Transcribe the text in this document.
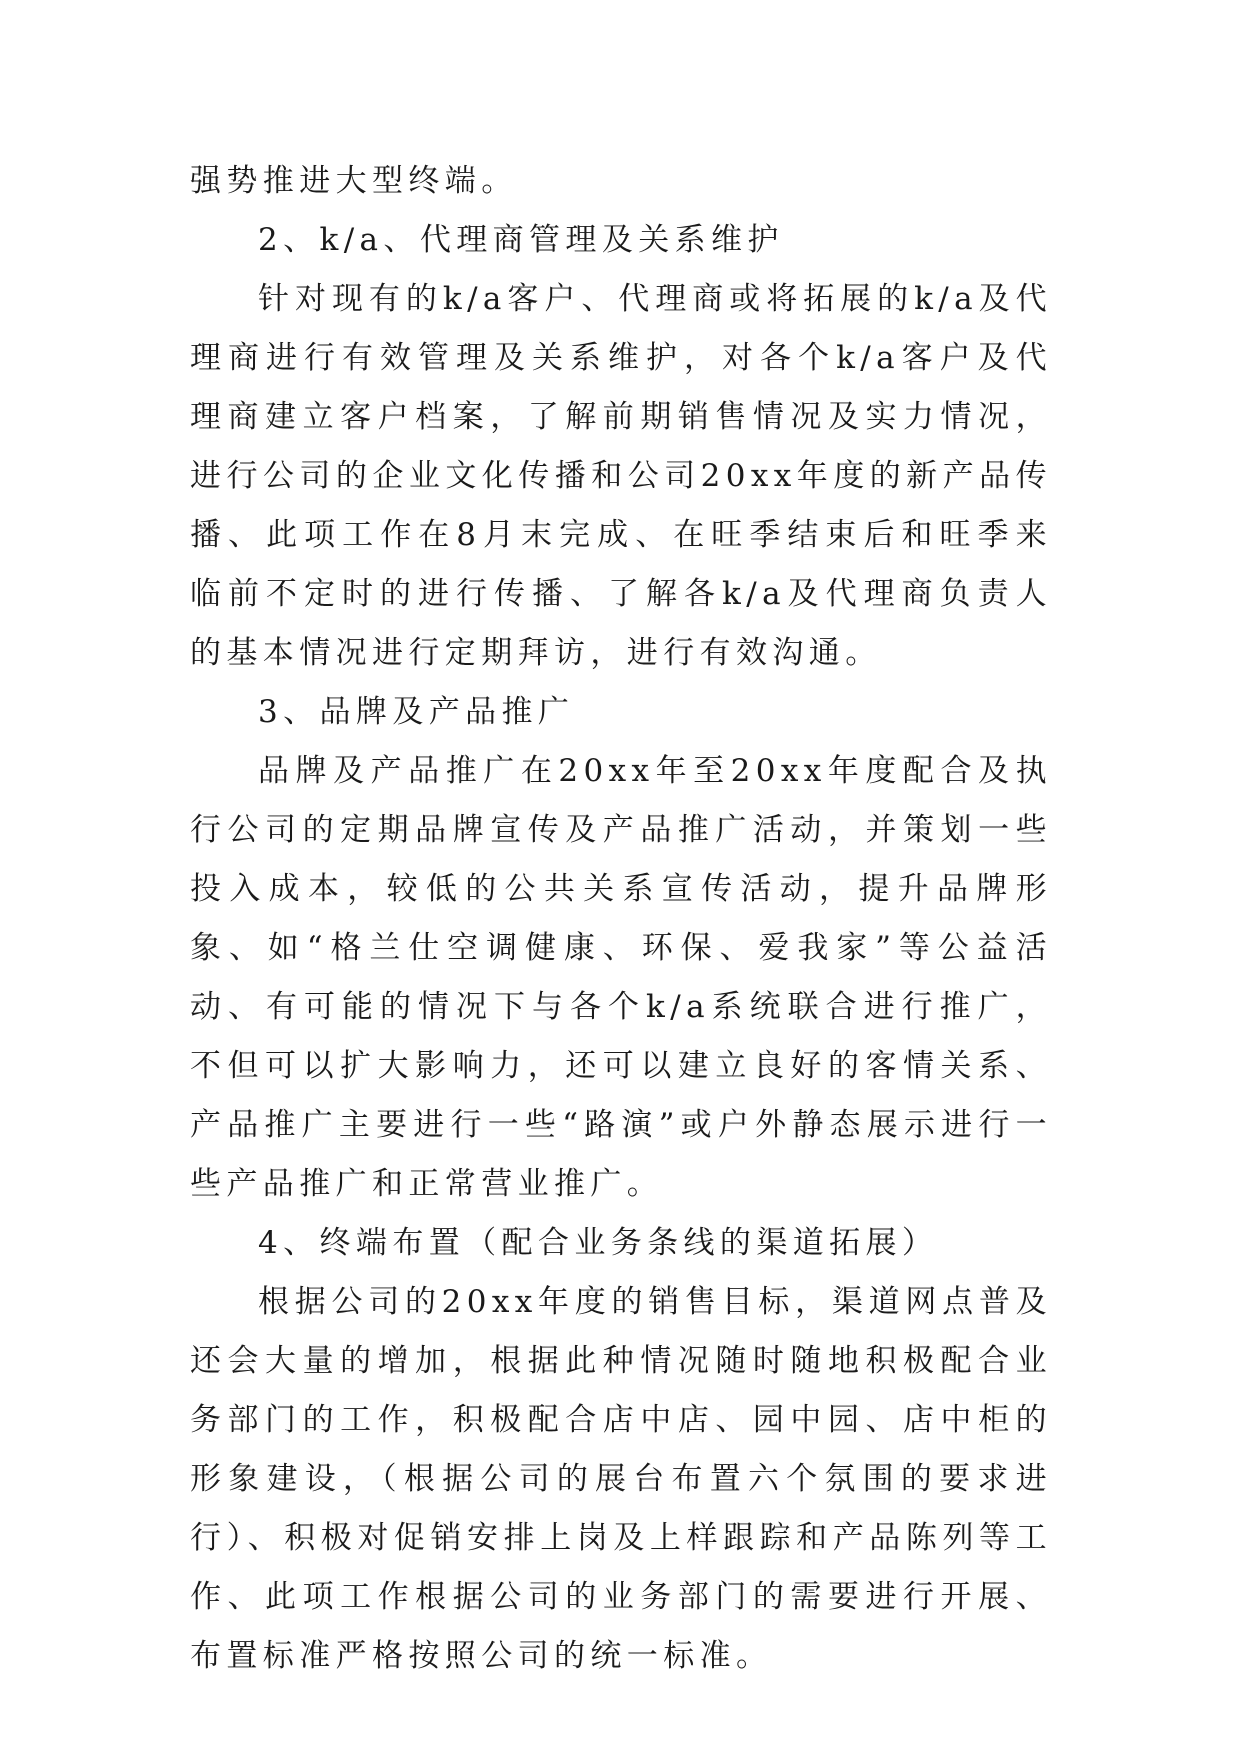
强势推进大型终端。

2、k/a、代理商管理及关系维护

针对现有的k/a客户、代理商或将拓展的k/a及代理商进行有效管理及关系维护，对各个k/a客户及代理商建立客户档案，了解前期销售情况及实力情况，进行公司的企业文化传播和公司20xx年度的新产品传播、此项工作在8月末完成、在旺季结束后和旺季来临前不定时的进行传播、了解各k/a及代理商负责人的基本情况进行定期拜访，进行有效沟通。

3、品牌及产品推广

品牌及产品推广在20xx年至20xx年度配合及执行公司的定期品牌宣传及产品推广活动，并策划一些投入成本，较低的公共关系宣传活动，提升品牌形象、如“格兰仕空调健康、环保、爱我家”等公益活动、有可能的情况下与各个k/a系统联合进行推广，不但可以扩大影响力，还可以建立良好的客情关系、产品推广主要进行一些“路演”或户外静态展示进行一些产品推广和正常营业推广。

4、终端布置（配合业务条线的渠道拓展）

根据公司的20xx年度的销售目标，渠道网点普及还会大量的增加，根据此种情况随时随地积极配合业务部门的工作，积极配合店中店、园中园、店中柜的形象建设，（根据公司的展台布置六个氛围的要求进行）、积极对促销安排上岗及上样跟踪和产品陈列等工作、此项工作根据公司的业务部门的需要进行开展、布置标准严格按照公司的统一标准。
